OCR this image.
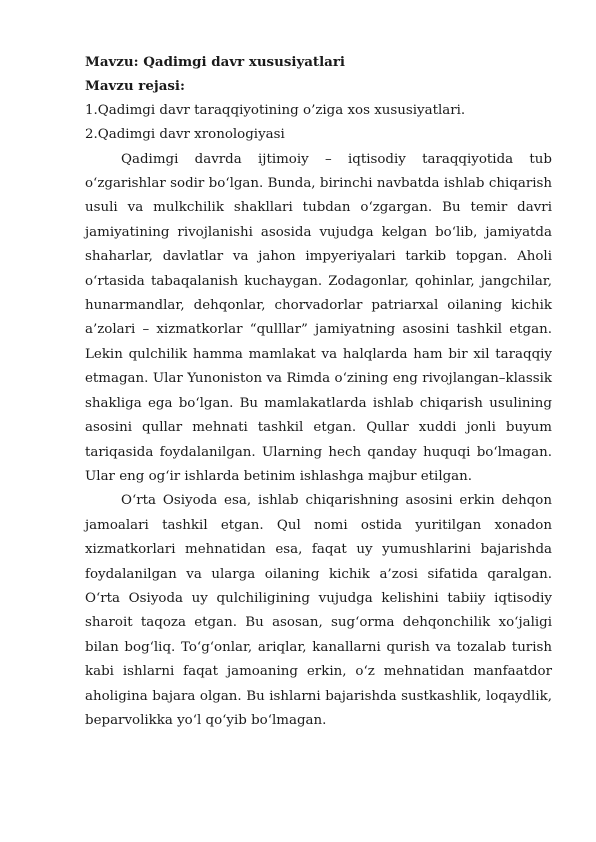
Mavzu: Qadimgi davr xususiyatlari

Mavzu rejasi:

1.Qadimgi davr taraqqiyotining o’ziga xos xususiyatlari.

2.Qadimgi davr xronologiyasi

Qadimgi davrda ijtimoiy – iqtisodiy taraqqiyotida tub o‘zgarishlar sodir bo‘lgan. Bunda, birinchi navbatda ishlab chiqarish usuli va mulkchilik shakllari tubdan o‘zgargan. Bu temir davri jamiyatining rivojlanishi asosida vujudga kelgan bo‘lib, jamiyatda shaharlar, davlatlar va jahon impyeriyalari tarkib topgan. Aholi o‘rtasida tabaqalanish kuchaygan. Zodagonlar, qohinlar, jangchilar, hunarmandlar, dehqonlar, chorvadorlar patriarxal oilaning kichik a’zolari – xizmatkorlar “qulllar” jamiyatning asosini tashkil etgan. Lekin qulchilik hamma mamlakat va halqlarda ham bir xil taraqqiy etmagan. Ular Yunoniston va Rimda o‘zining eng rivojlangan–klassik shakliga ega bo‘lgan. Bu mamlakatlarda ishlab chiqarish usulining asosini qullar mehnati tashkil etgan. Qullar xuddi jonli buyum tariqasida foydalanilgan. Ularning hech qanday huquqi bo‘lmagan. Ular eng og‘ir ishlarda betinim ishlashga majbur etilgan.

O‘rta Osiyoda esa, ishlab chiqarishning asosini erkin dehqon jamoalari tashkil etgan. Qul nomi ostida yuritilgan xonadon xizmatkorlari mehnatidan esa, faqat uy yumushlarini bajarishda foydalanilgan va ularga oilaning kichik a’zosi sifatida qaralgan. O‘rta Osiyoda uy qulchiligining vujudga kelishini tabiiy iqtisodiy sharoit taqoza etgan. Bu asosan, sug‘orma dehqonchilik xo‘jaligi bilan bog‘liq. To‘g‘onlar, ariqlar, kanallarni qurish va tozalab turish kabi ishlarni faqat jamoaning erkin, o‘z mehnatidan manfaatdor aholigina bajara olgan. Bu ishlarni bajarishda sustkashlik, loqaydlik, beparvolikka yo‘l qo‘yib bo‘lmagan.
